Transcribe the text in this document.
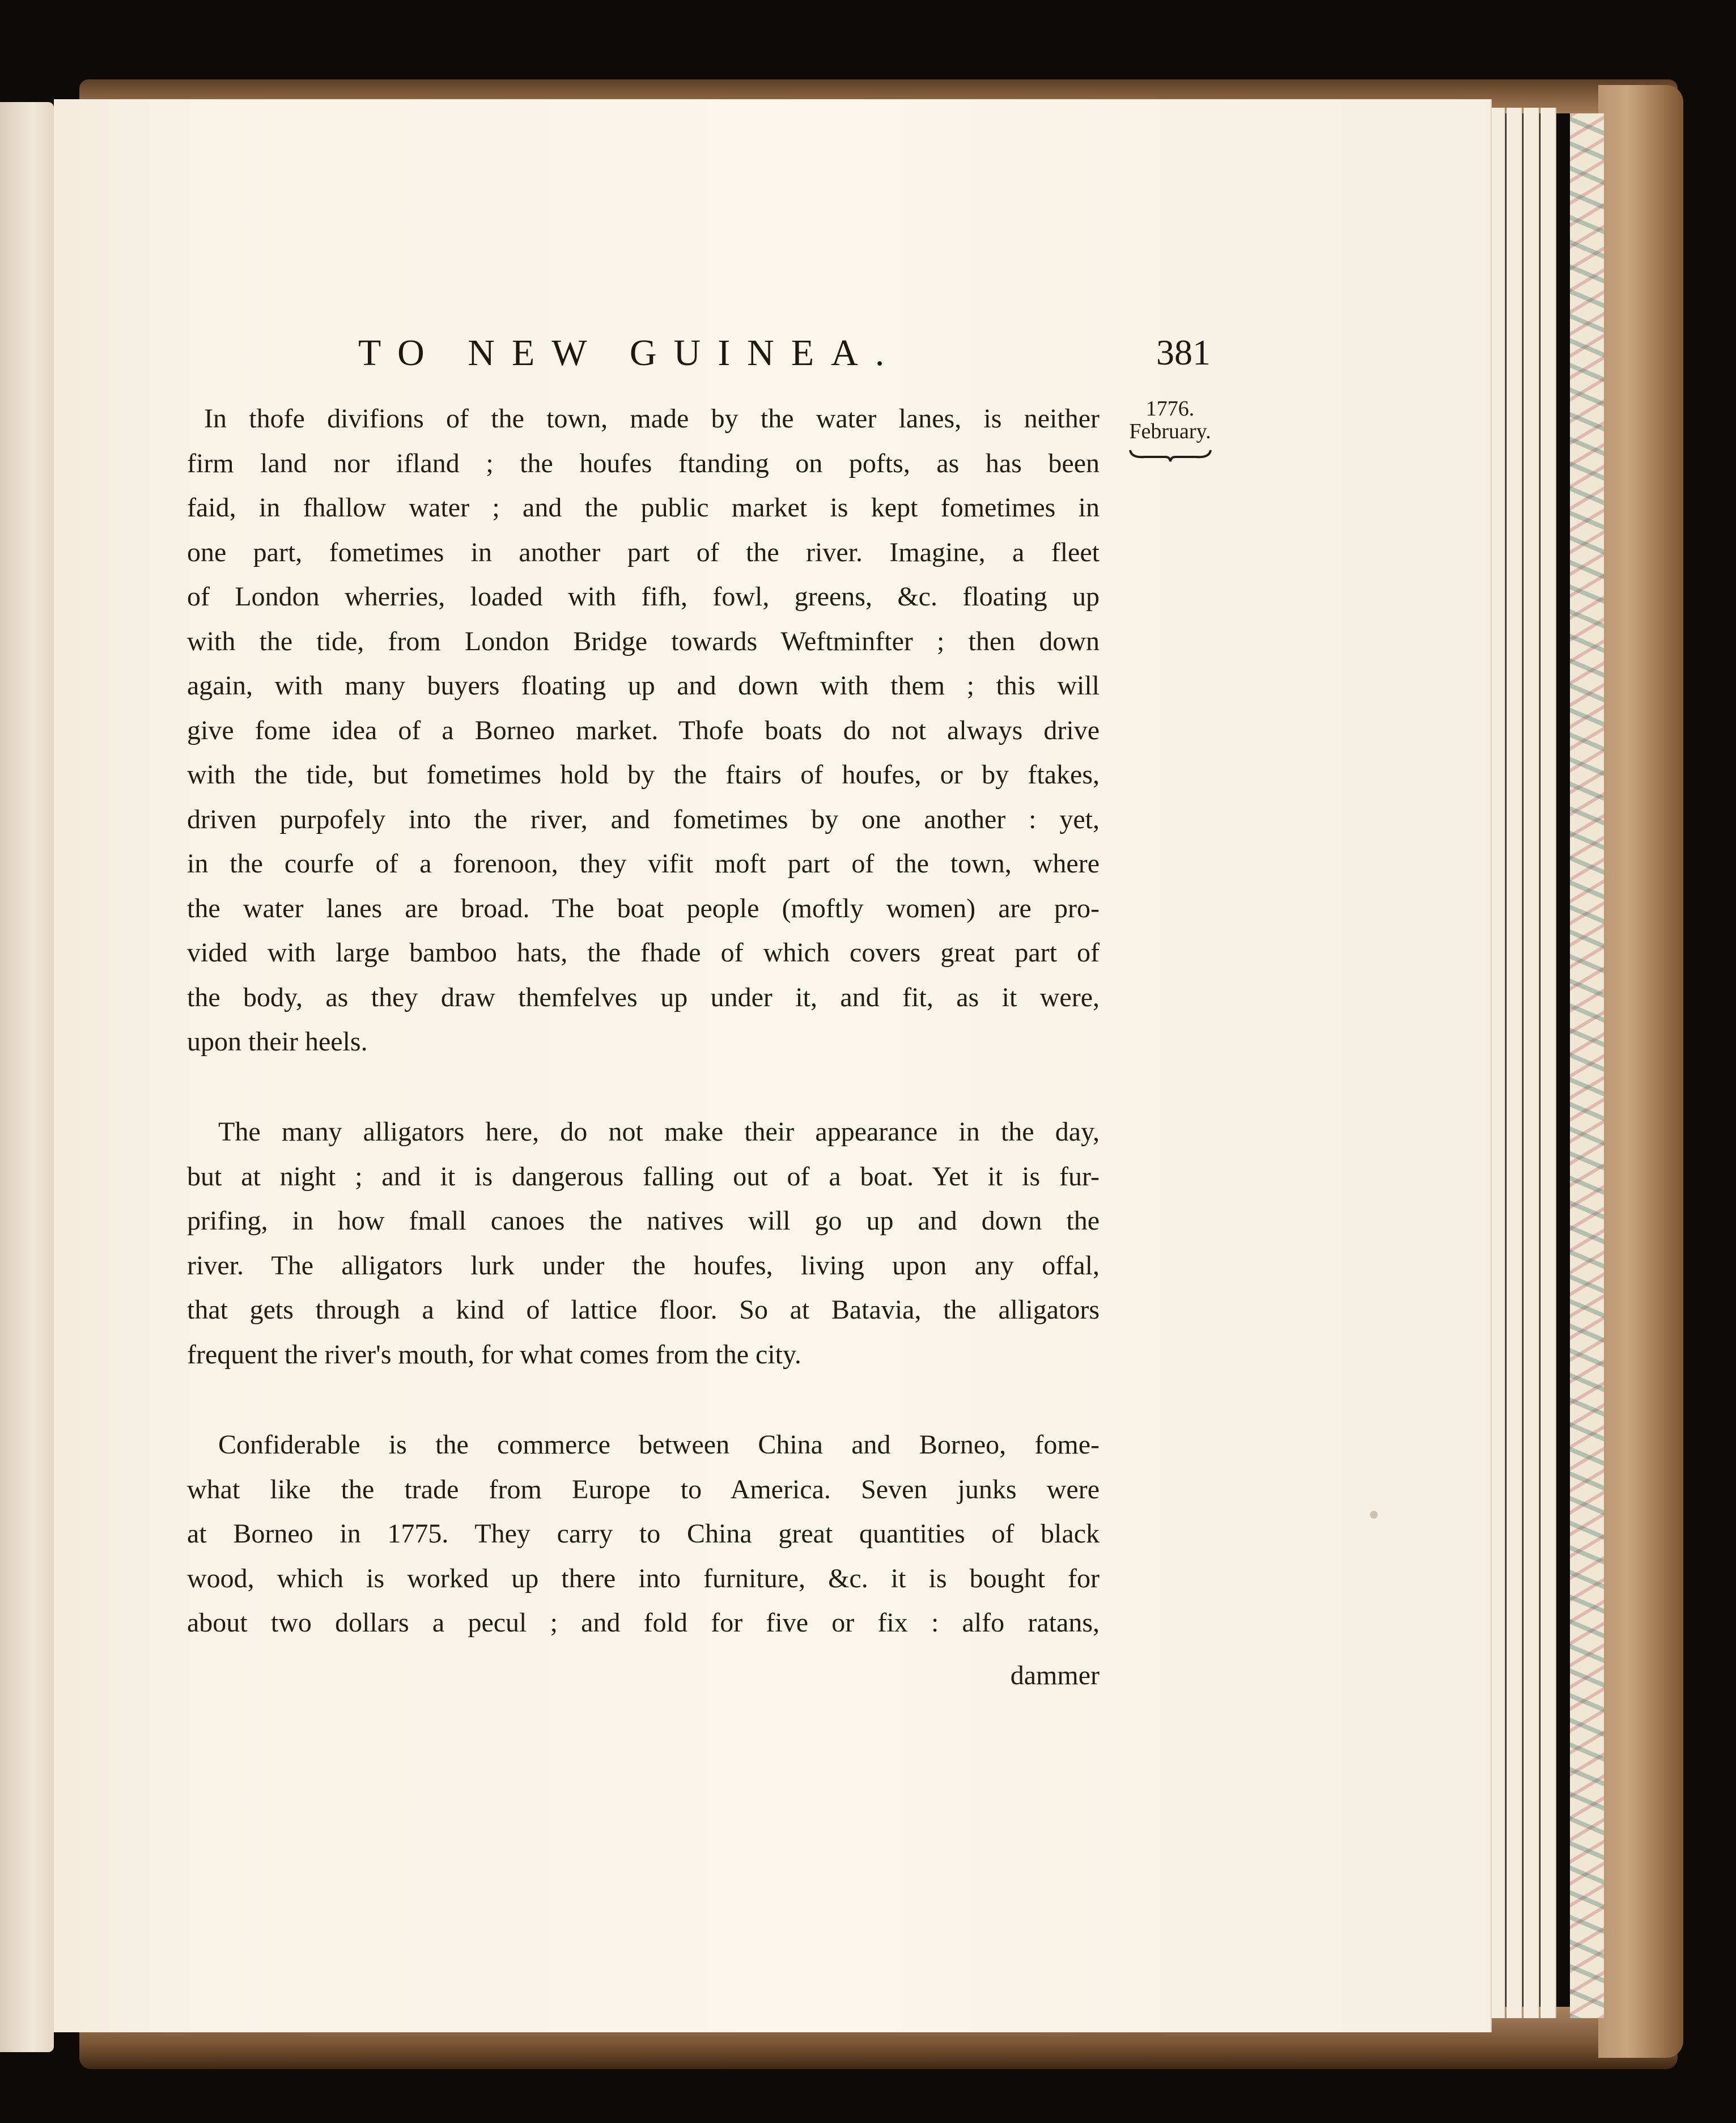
TO NEW GUINEA.	381
1776.
February.
In thofe divifions of the town, made by the water lanes, is neither
firm land nor ifland ; the houfes ftanding on pofts, as has been
faid, in fhallow water ; and the public market is kept fometimes in
one part, fometimes in another part of the river. Imagine, a fleet
of London wherries, loaded with fifh, fowl, greens, &c. floating up
with the tide, from London Bridge towards Weftminfter ; then down
again, with many buyers floating up and down with them ; this will
give fome idea of a Borneo market. Thofe boats do not always drive
with the tide, but fometimes hold by the ftairs of houfes, or by ftakes,
driven purpofely into the river, and fometimes by one another : yet,
in the courfe of a forenoon, they vifit moft part of the town, where
the water lanes are broad. The boat people (moftly women) are pro-
vided with large bamboo hats, the fhade of which covers great part of
the body, as they draw themfelves up under it, and fit, as it were,
upon their heels.
The many alligators here, do not make their appearance in the day,
but at night ; and it is dangerous falling out of a boat. Yet it is fur-
prifing, in how fmall canoes the natives will go up and down the
river. The alligators lurk under the houfes, living upon any offal,
that gets through a kind of lattice floor. So at Batavia, the alligators
frequent the river's mouth, for what comes from the city.
Confiderable is the commerce between China and Borneo, fome-
what like the trade from Europe to America. Seven junks were
at Borneo in 1775. They carry to China great quantities of black
wood, which is worked up there into furniture, &c. it is bought for
about two dollars a pecul ; and fold for five or fix : alfo ratans,
dammer
